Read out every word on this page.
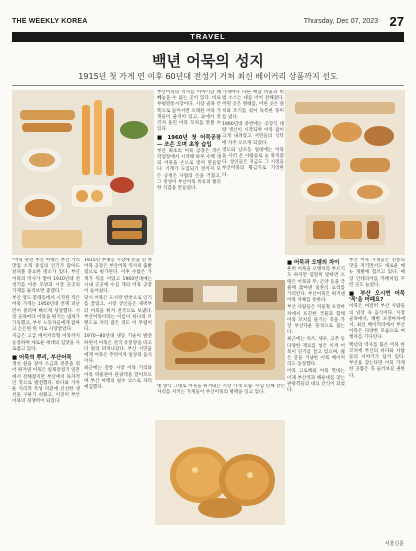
THE WEEKLY KOREA	Thursday, Dec 07, 2023 27
TRAVEL
백년 어묵의 성지
1915년 첫 가게 연 이후 60년대 전성기 거쳐 최신 베이커리 상품까지 선도
"어묵 관련 부산 여행은 부산 거리 맛집 소개 중심의 인기가 많아도 살펴볼 중요한 명소가 있다. 부산어묵의 역사가 쌓여 1910년대 전성기를 이룬 모양과 시장 곳곳의 가게를 둘러보면 좋겠다."
부산 영도 봉래동에서 시작된 작은 어묵 가게는 1950년대 전쟁 피난민이 몰리며 빠르게 성장했다. 시장 골목마다 어묵을 튀기는 냄새가 가득했고, 부두 노동자들에게 값싸고 든든한 한 끼로 사랑받았다.
지금은 고급 베이커리형 어묵까지 등장하며 새로운 세대의 입맛을 사로잡고 있다.
■ 어묵의 뿌리, 부산어묵
생선 살을 갈아 소금과 전분을 섞어 튀겨낸 어묵은 일제강점기 일본에서 전해졌지만 부산에서 독자적인 맛으로 발전했다. 바다와 가까운 지리적 특성 덕분에 신선한 생선을 구하기 쉬웠고, 이것이 부산어묵의 경쟁력이 되었다.
1915년 부평동 시장에 문을 연 첫 어묵 공장은 부산어묵 역사의 출발점으로 평가된다. 이후 수많은 가게가 뒤를 이었고 1960년대에는 시내 곳곳에 수십 개의 어묵 공장이 들어섰다.
당시 어묵은 도시락 반찬으로 인기를 끌었고, 시장 상인들은 새벽부터 어묵을 튀겨 전국으로 보냈다. 부산어묵이라는 이름이 하나의 브랜드로 자리 잡은 것도 이 무렵이다.
1970~80년대 냉동 기술이 발전하면서 어묵은 전국 유통망을 타고 더 멀리 퍼져나갔다. 부산 시민들에게 어묵은 추억이자 일상의 음식이다.
최근에는 전통 시장 어묵 거리와 어묵 박물관이 관광객을 끌어모으며 부산 여행의 필수 코스로 자리매김했다.
부산어묵의 역사를 이야기할 때 빼놓을 수 없는 곳이 있다. 바로 부평깡통시장이다. 시장 골목 안쪽으로 들어서면 오래된 어묵 가게들이 줄지어 있고, 솥에서 갓 건져 올린 어묵 꼬치를 맛볼 수 있다.
■ 1960년 첫 어묵공장 — 조은 오며 초창 습입
부산 최초의 어묵 공장은 작은 작업장에서 시작해 하루 수백 개의 어묵을 손으로 빚어 만들었다. 기계가 도입되기 전까지 모든 공정은 사람의 손을 거쳤고, 그 정성이 부산어묵 특유의 쫄깃한 식감을 만들었다.
가게마다 다른 배합 비율과 비법 소스는 대를 이어 전해졌다. 어떤 곳은 명태를, 어떤 곳은 갈치와 조기를 섞어 독특한 풍미를 냈다.
1960년대 중반에는 공장식 대량 생산이 시작되며 어묵 값이 크게 내려갔고 서민들의 식탁에 자주 오르게 되었다.
영도와 남포동 일대에는 어묵을 사러 온 사람들로 늘 북적였다. 상인들은 지금도 그 시절을 부산어묵의 황금기로 기억한다.
옛 방식 그대로 어묵을 튀겨내는 시장 가게 모습. 수십 년째 같은 자리를 지키는 가게들이 부산어묵의 명맥을 잇고 있다.
■ 어묵과 오뎅의 차이
흔히 어묵을 오뎅이라 부르기도 하지만 엄밀히 말하면 오뎅은 어묵과 무, 곤약 등을 국물에 끓여낸 일본식 요리를 가리킨다. 부산어묵은 튀겨낸 어묵 자체를 뜻한다.
부산 사람들은 겨울철 포장마차에서 뜨끈한 국물과 함께 어묵 꼬치를 즐기는 것을 가장 부산다운 풍경으로 꼽는다.
최근에는 치즈, 새우, 고추 등 다양한 재료를 넣은 이색 어묵이 인기를 끌고 있으며, 젊은 층을 겨냥한 어묵 베이커리도 등장했다.
어묵 고로케와 어묵 핫바는 이제 부산역과 해운대를 찾는 관광객들의 대표 간식이 되었다.
부산 어묵 가게들은 전통의 맛을 지키면서도 새로운 메뉴 개발에 힘쓰고 있다. 매장 인테리어를 카페처럼 꾸민 곳도 늘었다.
■ 부산 오시면 어묵 '꼭'을 어때요?
어묵은 여전히 부산 사람들의 일상 속 음식이다. 시장 골목에서, 해변 포장마차에서, 최신 베이커리에서 부산어묵은 다양한 모습으로 여행자를 기다린다.
백년의 역사를 품은 어묵 한 꼬치에 부산의 바다와 사람들의 이야기가 담겨 있다. 부산을 찾는다면 어묵 가게 한 곳쯤은 꼭 들러보길 권한다.
서울신문
